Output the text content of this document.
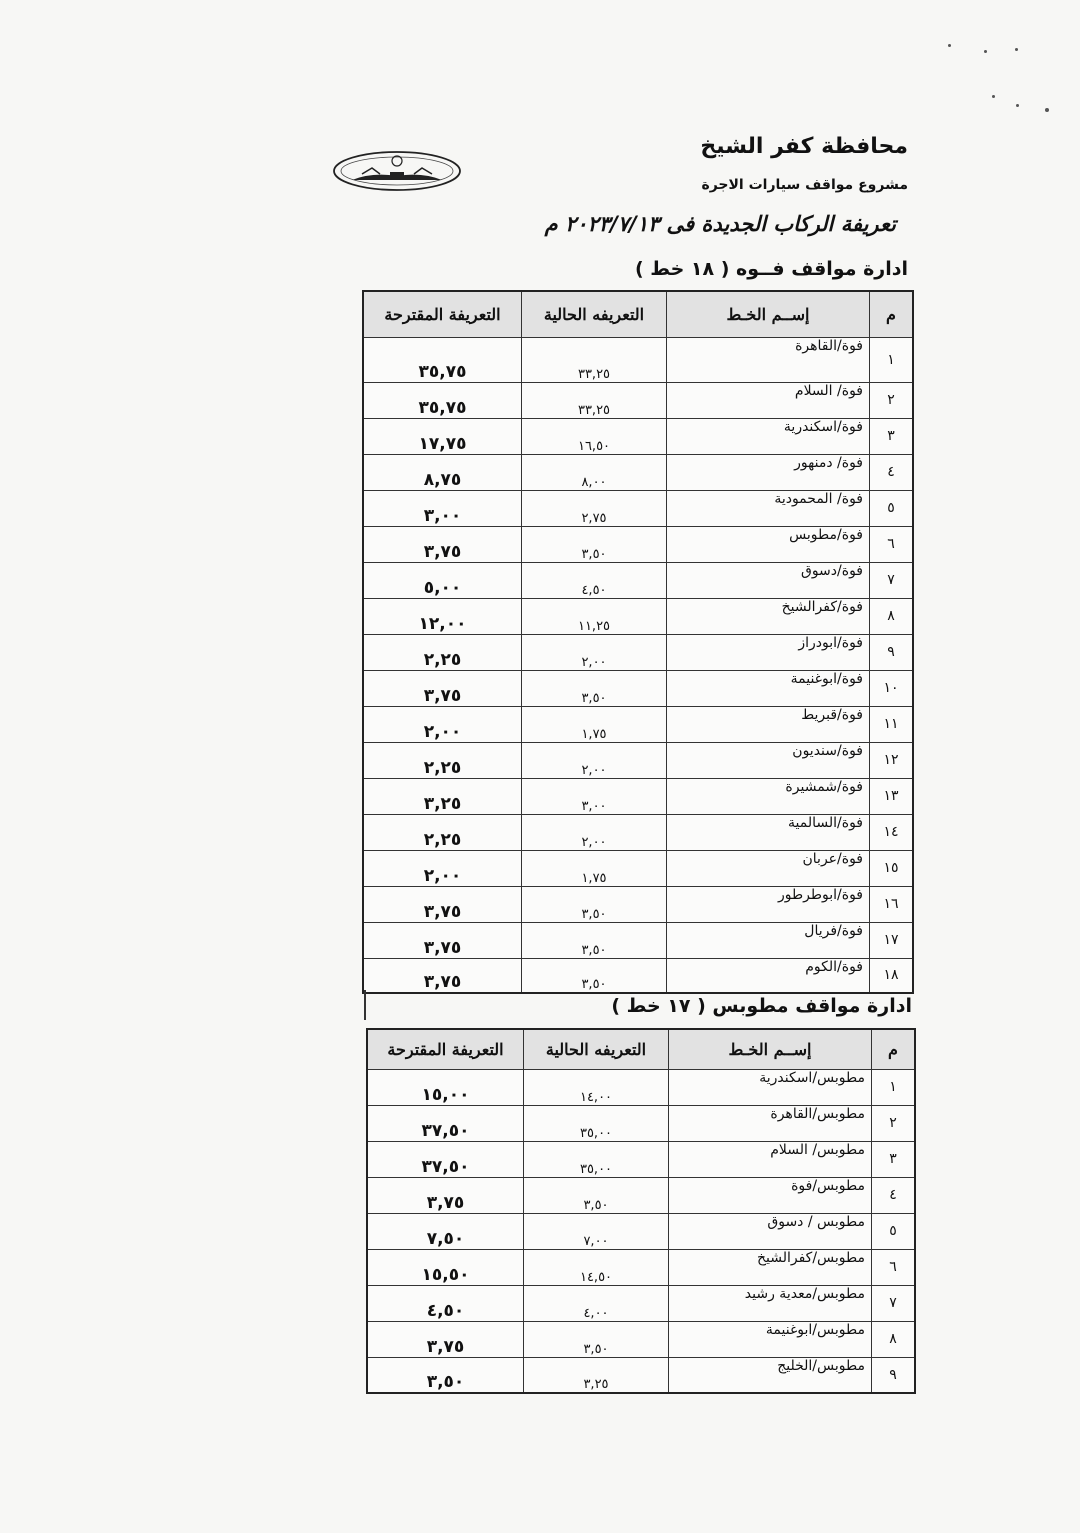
محافظة كفر الشيخ

مشروع مواقف سيارات الاجرة
تعريفة الركاب الجديدة فى ٢٠٢٣/٧/١٣ م
ادارة مواقف فــوه ( ١٨ خط )
م	إســم الخـط	التعريفه الحالية	التعريفة المقترحة
١	فوة/القاهرة	٣٣,٢٥	٣٥,٧٥
٢	فوة/ السلام	٣٣,٢٥	٣٥,٧٥
٣	فوة/اسكندرية	١٦,٥٠	١٧,٧٥
٤	فوة/ دمنهور	٨,٠٠	٨,٧٥
٥	فوة/ المحمودية	٢,٧٥	٣,٠٠
٦	فوة/مطوبس	٣,٥٠	٣,٧٥
٧	فوة/دسوق	٤,٥٠	٥,٠٠
٨	فوة/كفرالشيخ	١١,٢٥	١٢,٠٠
٩	فوة/ابودراز	٢,٠٠	٢,٢٥
١٠	فوة/ابوغنيمة	٣,٥٠	٣,٧٥
١١	فوة/قبريط	١,٧٥	٢,٠٠
١٢	فوة/سنديون	٢,٠٠	٢,٢٥
١٣	فوة/شمشيرة	٣,٠٠	٣,٢٥
١٤	فوة/السالمية	٢,٠٠	٢,٢٥
١٥	فوة/عربان	١,٧٥	٢,٠٠
١٦	فوة/ابوطرطور	٣,٥٠	٣,٧٥
١٧	فوة/فريال	٣,٥٠	٣,٧٥
١٨	فوة/الكوم	٣,٥٠	٣,٧٥
ادارة مواقف مطوبس ( ١٧ خط )
م	إســم الخـط	التعريفه الحالية	التعريفة المقترحة
١	مطوبس/اسكندرية	١٤,٠٠	١٥,٠٠
٢	مطوبس/القاهرة	٣٥,٠٠	٣٧,٥٠
٣	مطوبس/ السلام	٣٥,٠٠	٣٧,٥٠
٤	مطوبس/فوة	٣,٥٠	٣,٧٥
٥	مطوبس / دسوق	٧,٠٠	٧,٥٠
٦	مطوبس/كفرالشيخ	١٤,٥٠	١٥,٥٠
٧	مطوبس/معدية رشيد	٤,٠٠	٤,٥٠
٨	مطوبس/ابوغنيمة	٣,٥٠	٣,٧٥
٩	مطوبس/الخليج	٣,٢٥	٣,٥٠
